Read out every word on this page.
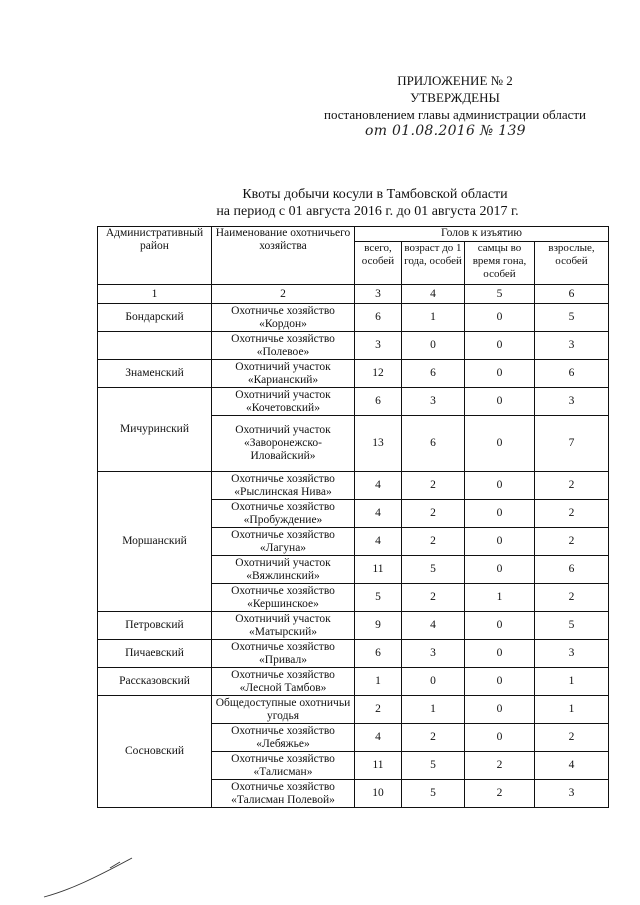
ПРИЛОЖЕНИЕ № 2
УТВЕРЖДЕНЫ
постановлением главы администрации области
от 01.08.2016 № 139
Квоты добычи косули в Тамбовской области
на период с 01 августа 2016 г. до 01 августа 2017 г.
Административный район	Наименование охотничьего хозяйства	Голов к изъятию			
		всего, особей	возраст до 1 года, особей	самцы во время гона, особей	взрослые, особей
1	2	3	4	5	6
Бондарский	Охотничье хозяйство «Кордон»	6	1	0	5
	Охотничье хозяйство «Полевое»	3	0	0	3
Знаменский	Охотничий участок «Карианский»	12	6	0	6
Мичуринский	Охотничий участок «Кочетовский»	6	3	0	3
	Охотничий участок «Заворонежско-Иловайский»	13	6	0	7
Моршанский	Охотничье хозяйство «Рыслинская Нива»	4	2	0	2
	Охотничье хозяйство «Пробуждение»	4	2	0	2
	Охотничье хозяйство «Лагуна»	4	2	0	2
	Охотничий участок «Вяжлинский»	11	5	0	6
	Охотничье хозяйство «Кершинское»	5	2	1	2
Петровский	Охотничий участок «Матырский»	9	4	0	5
Пичаевский	Охотничье хозяйство «Привал»	6	3	0	3
Рассказовский	Охотничье хозяйство «Лесной Тамбов»	1	0	0	1
Сосновский	Общедоступные охотничьи угодья	2	1	0	1
	Охотничье хозяйство «Лебяжье»	4	2	0	2
	Охотничье хозяйство «Талисман»	11	5	2	4
	Охотничье хозяйство «Талисман Полевой»	10	5	2	3
